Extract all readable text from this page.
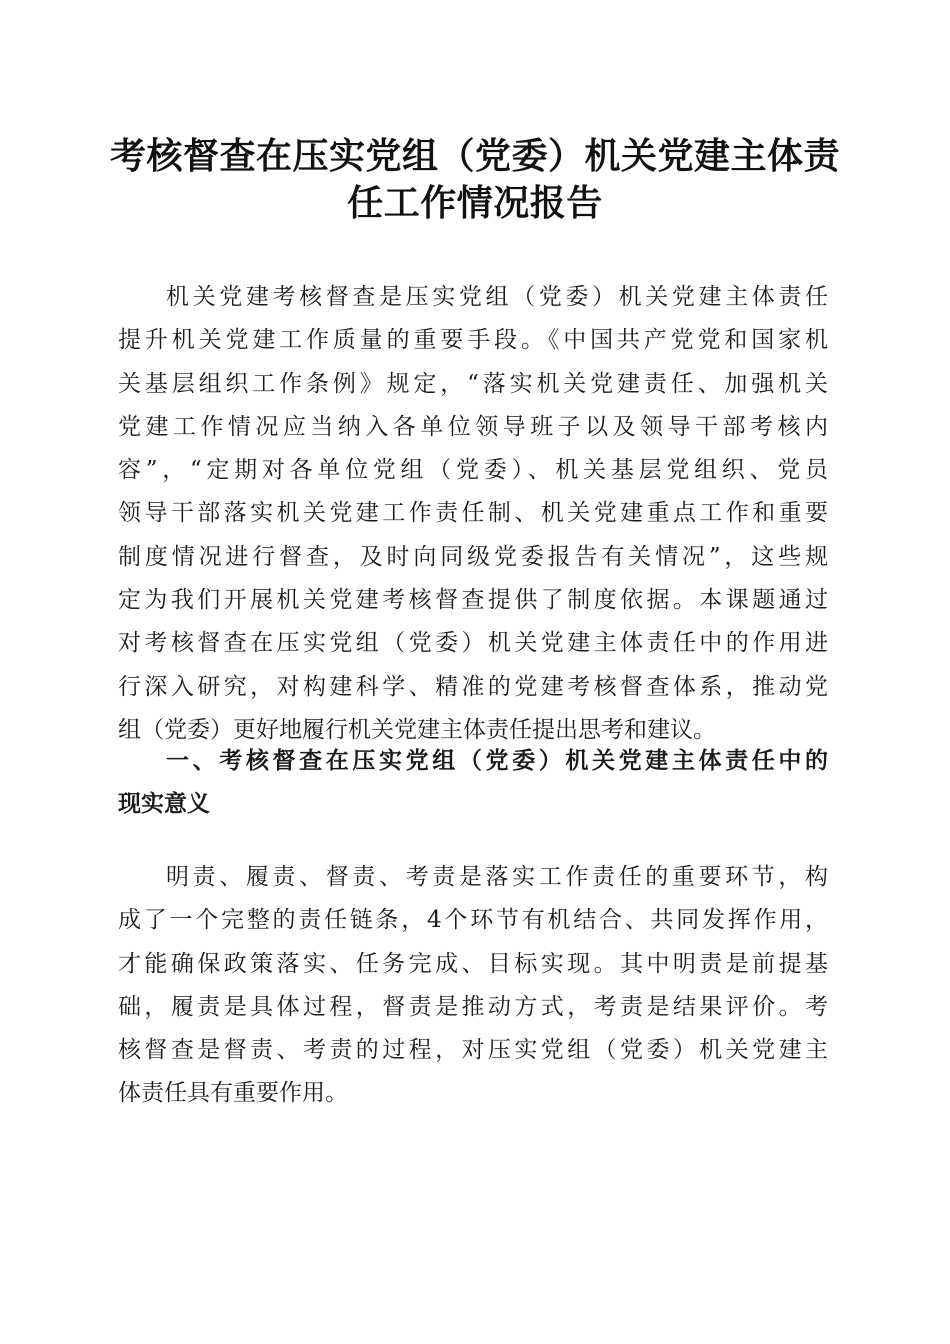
考核督查在压实党组（党委）机关党建主体责
任工作情况报告
机关党建考核督查是压实党组（党委）机关党建主体责任
提升机关党建工作质量的重要手段。《中国共产党党和国家机
关基层组织工作条例》规定，“落实机关党建责任、加强机关
党建工作情况应当纳入各单位领导班子以及领导干部考核内
容”，“定期对各单位党组（党委）、机关基层党组织、党员
领导干部落实机关党建工作责任制、机关党建重点工作和重要
制度情况进行督查，及时向同级党委报告有关情况”，这些规
定为我们开展机关党建考核督查提供了制度依据。本课题通过
对考核督查在压实党组（党委）机关党建主体责任中的作用进
行深入研究，对构建科学、精准的党建考核督查体系，推动党
组（党委）更好地履行机关党建主体责任提出思考和建议。
一、考核督查在压实党组（党委）机关党建主体责任中的
现实意义
明责、履责、督责、考责是落实工作责任的重要环节，构
成了一个完整的责任链条，4个环节有机结合、共同发挥作用，
才能确保政策落实、任务完成、目标实现。其中明责是前提基
础，履责是具体过程，督责是推动方式，考责是结果评价。考
核督查是督责、考责的过程，对压实党组（党委）机关党建主
体责任具有重要作用。
